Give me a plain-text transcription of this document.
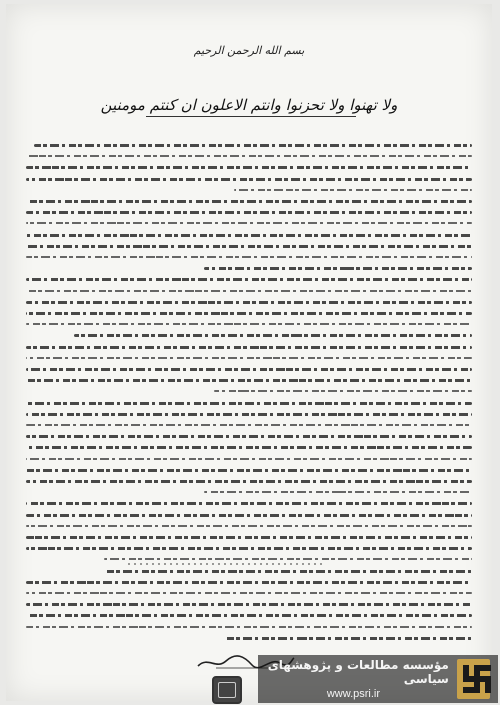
بسم الله الرحمن الرحيم
ولا تهنوا ولا تحزنوا وانتم الاعلون ان كنتم مومنين
مؤسسه مطالعات و پژوهشهای سیاسی
www.psri.ir
